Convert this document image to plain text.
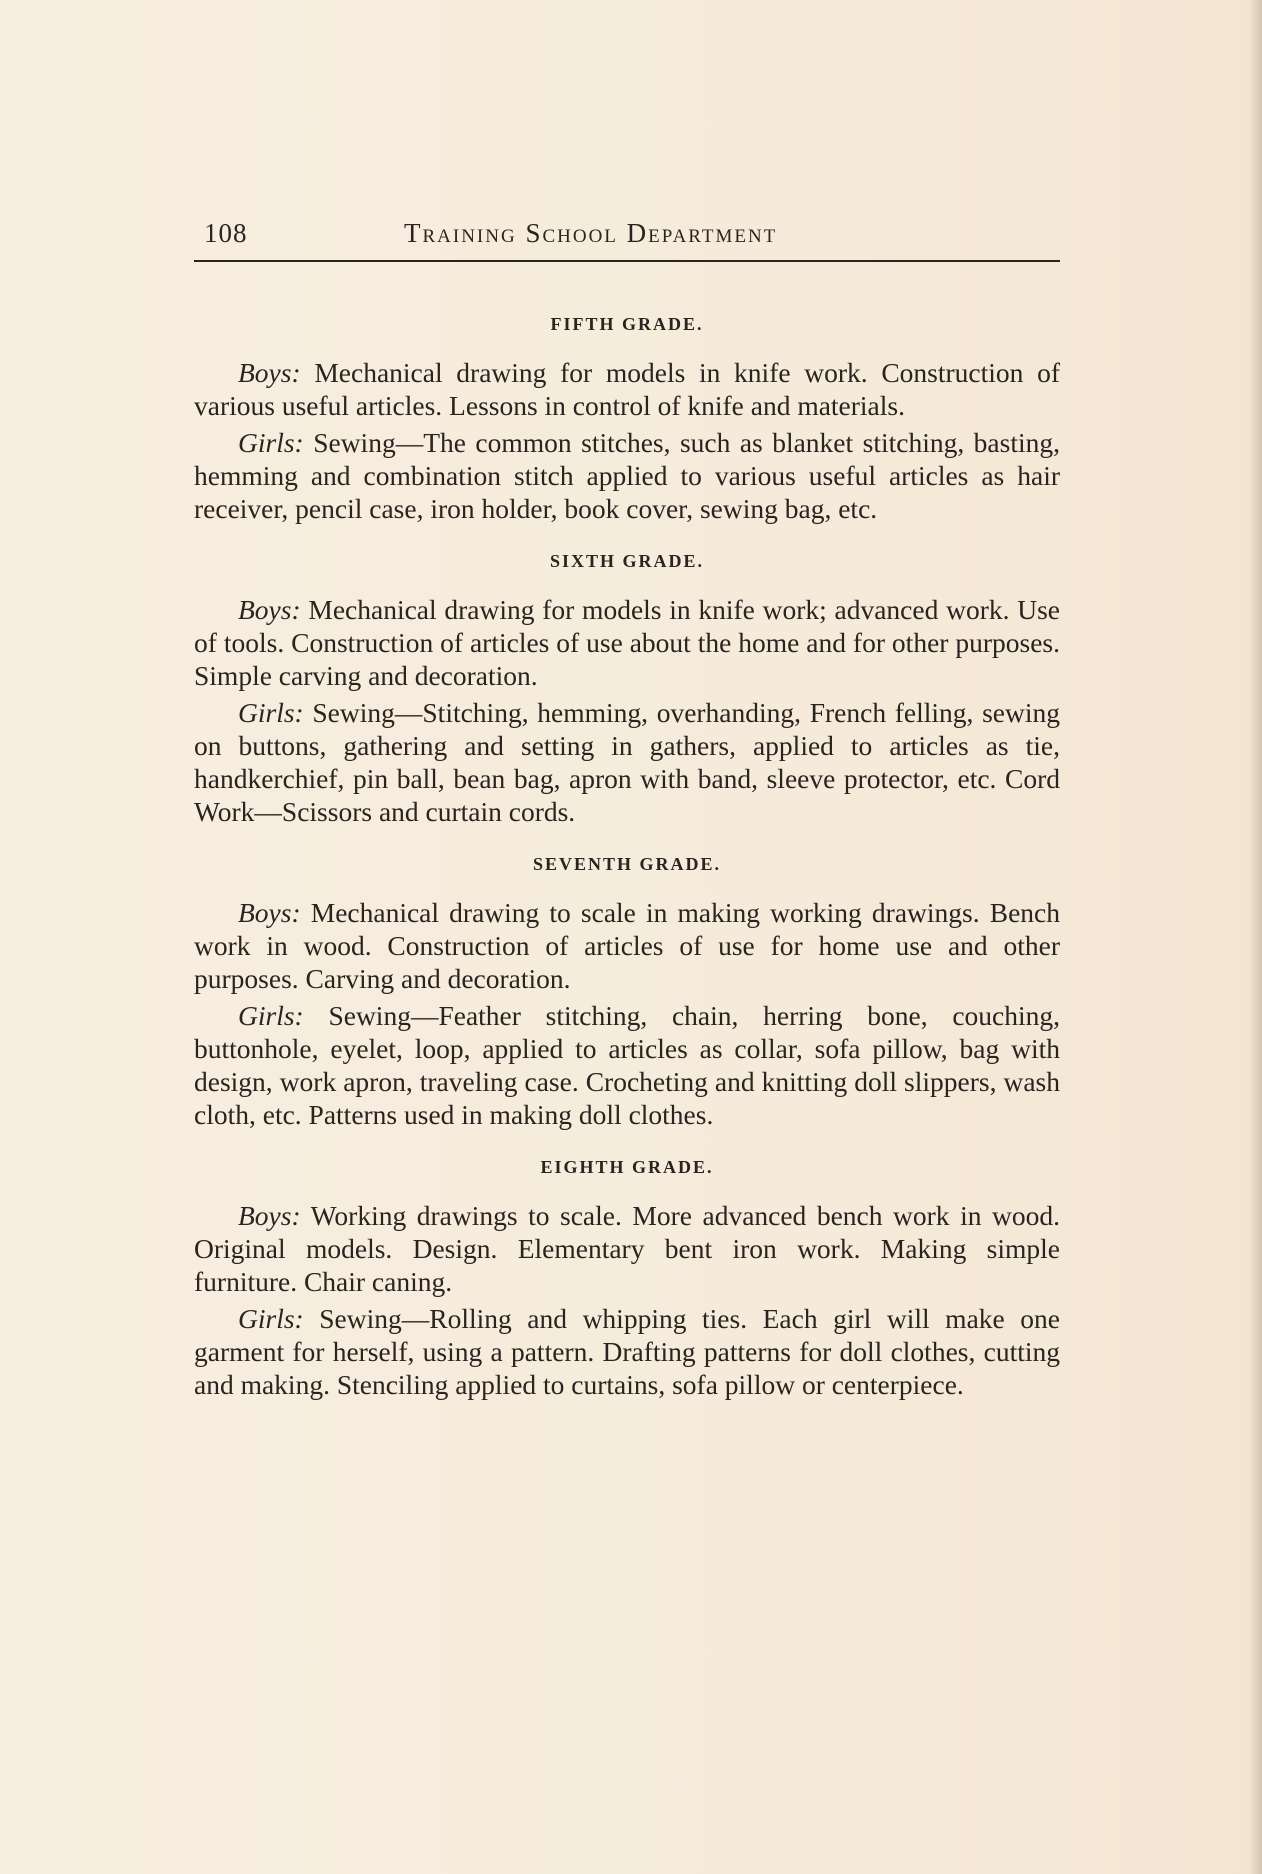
108	Training School Department
FIFTH GRADE.

Boys: Mechanical drawing for models in knife work. Construction of various useful articles. Lessons in control of knife and materials.

Girls: Sewing—The common stitches, such as blanket stitching, basting, hemming and combination stitch applied to various useful articles as hair receiver, pencil case, iron holder, book cover, sewing bag, etc.

SIXTH GRADE.

Boys: Mechanical drawing for models in knife work; advanced work. Use of tools. Construction of articles of use about the home and for other purposes. Simple carving and decoration.

Girls: Sewing—Stitching, hemming, overhanding, French felling, sewing on buttons, gathering and setting in gathers, applied to articles as tie, handkerchief, pin ball, bean bag, apron with band, sleeve protector, etc. Cord Work—Scissors and curtain cords.

SEVENTH GRADE.

Boys: Mechanical drawing to scale in making working drawings. Bench work in wood. Construction of articles of use for home use and other purposes. Carving and decoration.

Girls: Sewing—Feather stitching, chain, herring bone, couching, buttonhole, eyelet, loop, applied to articles as collar, sofa pillow, bag with design, work apron, traveling case. Crocheting and knitting doll slippers, wash cloth, etc. Patterns used in making doll clothes.

EIGHTH GRADE.

Boys: Working drawings to scale. More advanced bench work in wood. Original models. Design. Elementary bent iron work. Making simple furniture. Chair caning.

Girls: Sewing—Rolling and whipping ties. Each girl will make one garment for herself, using a pattern. Drafting patterns for doll clothes, cutting and making. Stenciling applied to curtains, sofa pillow or centerpiece.
